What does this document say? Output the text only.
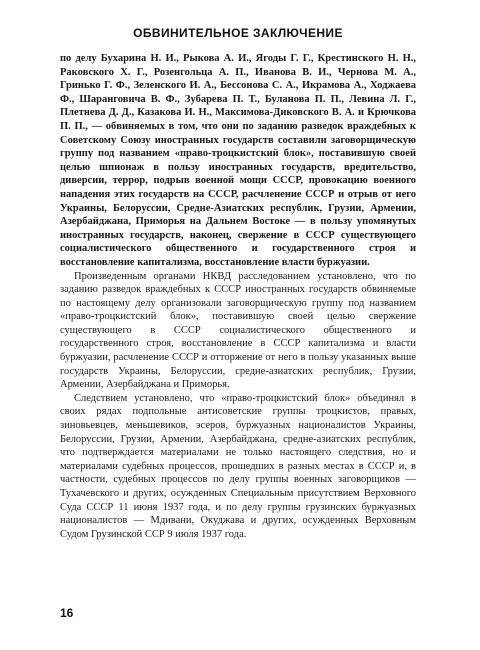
ОБВИНИТЕЛЬНОЕ ЗАКЛЮЧЕНИЕ

по делу Бухарина Н. И., Рыкова А. И., Ягоды Г. Г., Крестинского Н. Н., Раковского Х. Г., Розенгольца А. П., Иванова В. И., Чернова М. А., Гринько Г. Ф., Зеленского И. А., Бессонова С. А., Икрамова А., Ходжаева Ф., Шаранговича В. Ф., Зубарева П. Т., Буланова П. П., Левина Л. Г., Плетнева Д. Д., Казакова И. Н., Максимова-Диковского В. А. и Крючкова П. П., — обвиняемых в том, что они по заданию разведок враждебных к Советскому Союзу иностранных государств составили заговорщическую группу под названием «право-троцкистский блок», поставившую своей целью шпионаж в пользу иностранных государств, вредительство, диверсии, террор, подрыв военной мощи СССР, провокацию военного нападения этих государств на СССР, расчленение СССР и отрыв от него Украины, Белоруссии, Средне-Азиатских республик, Грузии, Армении, Азербайджана, Приморья на Дальнем Востоке — в пользу упомянутых иностранных государств, наконец, свержение в СССР существующего социалистического общественного и государственного строя и восстановление капитализма, восстановление власти буржуазии.

Произведенным органами НКВД расследованием установлено, что по заданию разведок враждебных к СССР иностранных государств обвиняемые по настоящему делу организовали заговорщическую группу под названием «право-троцкистский блок», поставившую своей целью свержение существующего в СССР социалистического общественного и государственного строя, восстановление в СССР капитализма и власти буржуазии, расчленение СССР и отторжение от него в пользу указанных выше государств Украины, Белоруссии, средне-азиатских республик, Грузии, Армении, Азербайджана и Приморья.

Следствием установлено, что «право-троцкистский блок» объединял в своих рядах подпольные антисоветские группы троцкистов, правых, зиновьевцев, меньшевиков, эсеров, буржуазных националистов Украины, Белоруссии, Грузии, Армении, Азербайджана, средне-азиатских республик, что подтверждается материалами не только настоящего следствия, но и материалами судебных процессов, прошедших в разных местах в СССР и, в частности, судебных процессов по делу группы военных заговорщиков — Тухачевского и других, осужденных Специальным присутствием Верховного Суда СССР 11 июня 1937 года, и по делу группы грузинских буржуазных националистов — Мдивани, Окуджава и других, осужденных Верховным Судом Грузинской ССР 9 июля 1937 года.

16
